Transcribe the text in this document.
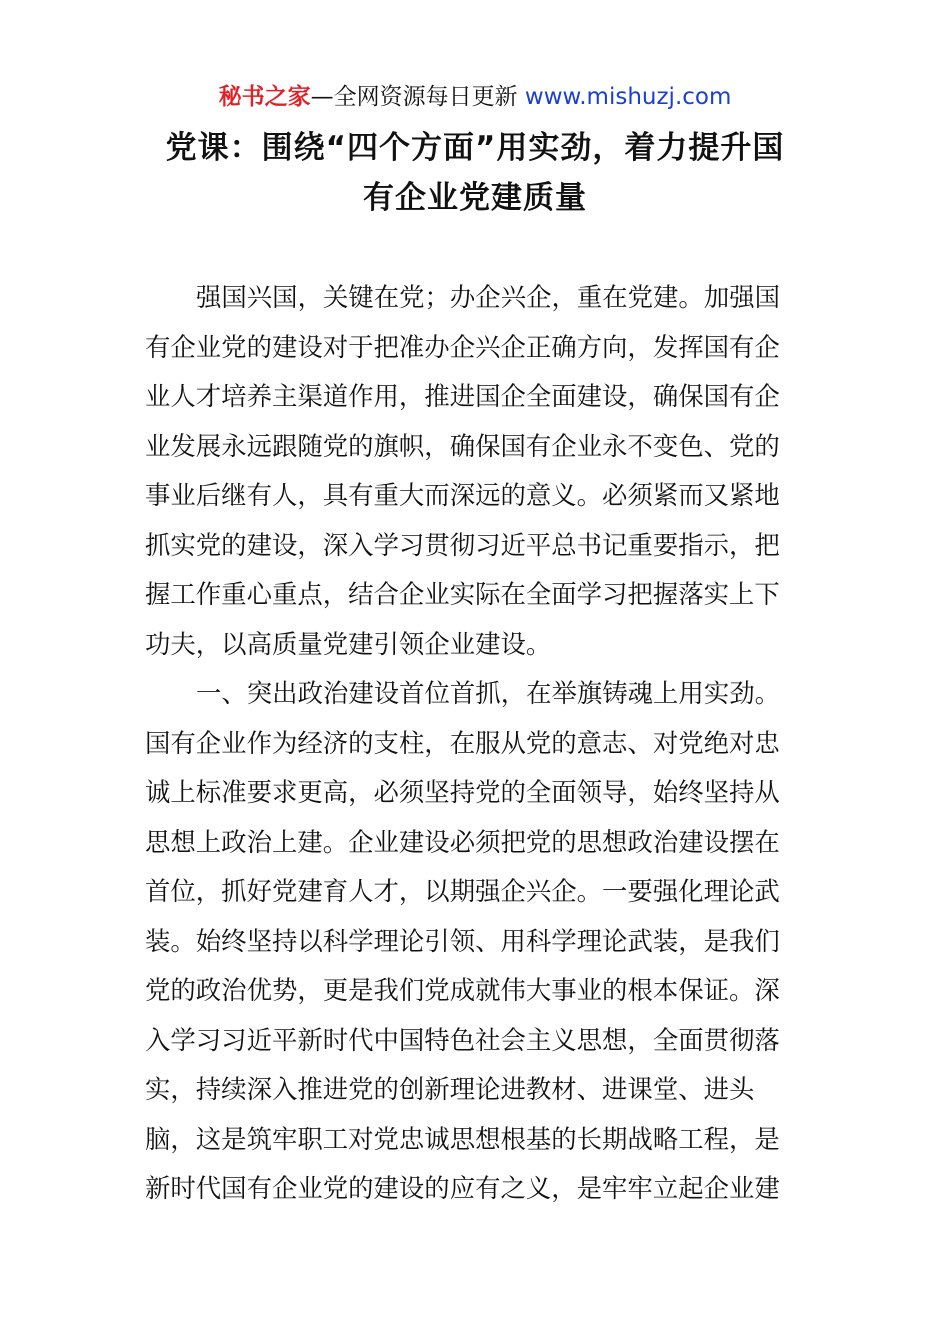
秘书之家—全网资源每日更新 www.mishuzj.com
党课：围绕“四个方面”用实劲，着力提升国
有企业党建质量
强国兴国，关键在党；办企兴企，重在党建。加强国
有企业党的建设对于把准办企兴企正确方向，发挥国有企
业人才培养主渠道作用，推进国企全面建设，确保国有企
业发展永远跟随党的旗帜，确保国有企业永不变色、党的
事业后继有人，具有重大而深远的意义。必须紧而又紧地
抓实党的建设，深入学习贯彻习近平总书记重要指示，把
握工作重心重点，结合企业实际在全面学习把握落实上下
功夫，以高质量党建引领企业建设。
一、突出政治建设首位首抓，在举旗铸魂上用实劲。
国有企业作为经济的支柱，在服从党的意志、对党绝对忠
诚上标准要求更高，必须坚持党的全面领导，始终坚持从
思想上政治上建。企业建设必须把党的思想政治建设摆在
首位，抓好党建育人才，以期强企兴企。一要强化理论武
装。始终坚持以科学理论引领、用科学理论武装，是我们
党的政治优势，更是我们党成就伟大事业的根本保证。深
入学习习近平新时代中国特色社会主义思想，全面贯彻落
实，持续深入推进党的创新理论进教材、进课堂、进头
脑，这是筑牢职工对党忠诚思想根基的长期战略工程，是
新时代国有企业党的建设的应有之义，是牢牢立起企业建
